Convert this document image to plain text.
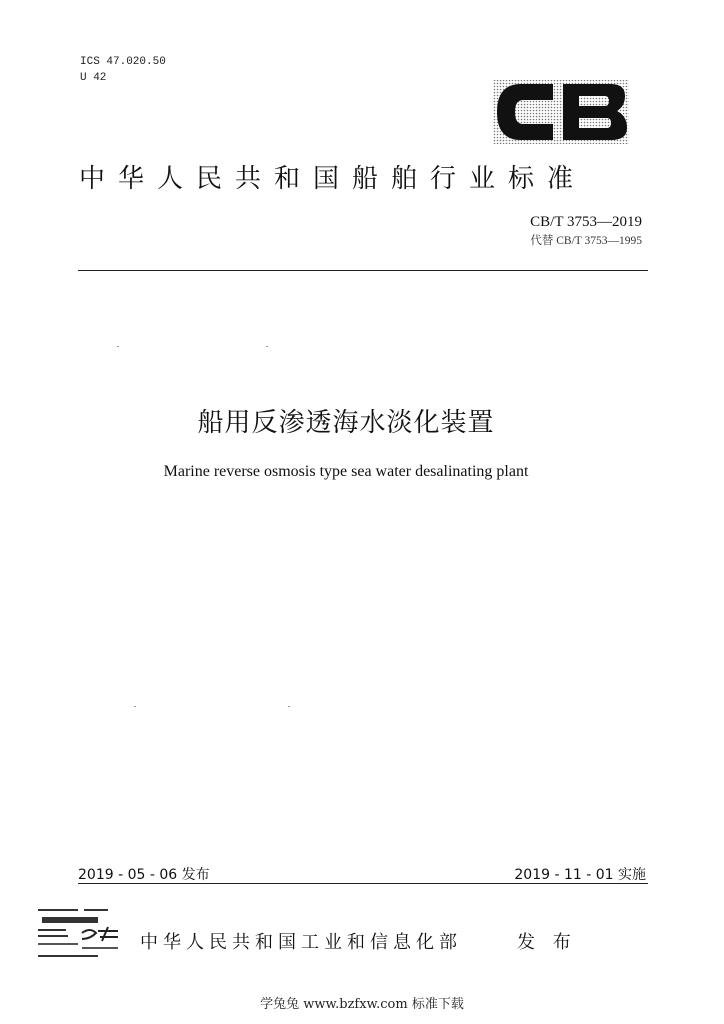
ICS 47.020.50
U 42
中华人民共和国船舶行业标准
CB/T 3753—2019
代替 CB/T 3753—1995
船用反渗透海水淡化装置
Marine reverse osmosis type sea water desalinating plant
2019 - 05 - 06 发布	2019 - 11 - 01 实施
中华人民共和国工业和信息化部	发 布
学兔兔 www.bzfxw.com 标准下载
